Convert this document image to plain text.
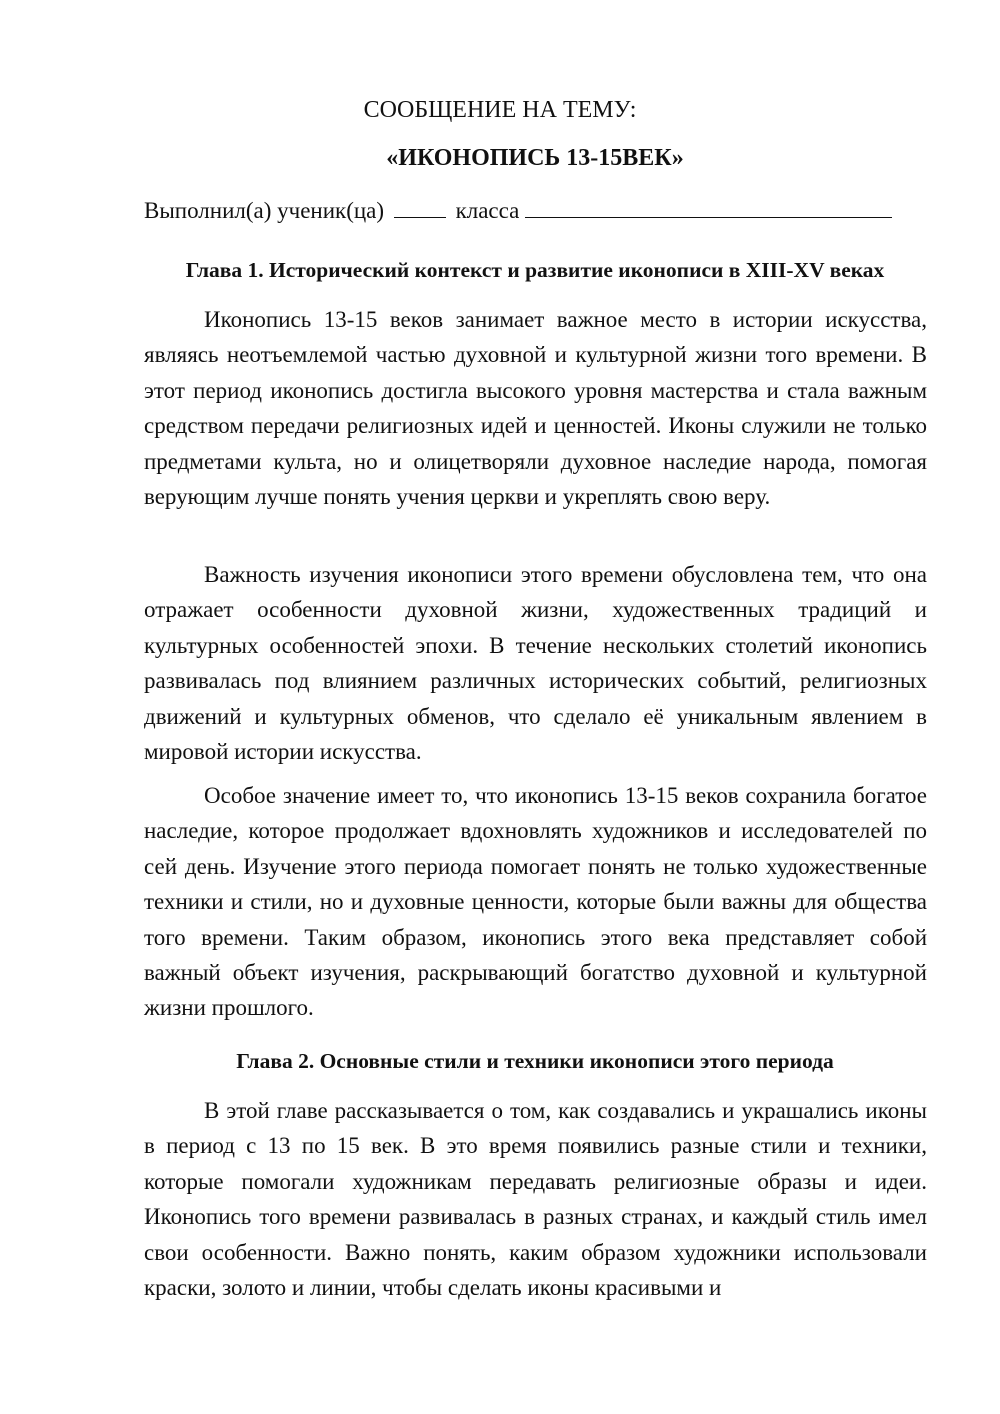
СООБЩЕНИЕ НА ТЕМУ:

«ИКОНОПИСЬ 13-15ВЕК»

Выполнил(а) ученик(ца)	класса
Глава 1. Исторический контекст и развитие иконописи в XIII-XV веках

Иконопись 13-15 веков занимает важное место в истории искусства, являясь неотъемлемой частью духовной и культурной жизни того времени. В этот период иконопись достигла высокого уровня мастерства и стала важным средством передачи религиозных идей и ценностей. Иконы служили не только предметами культа, но и олицетворяли духовное наследие народа, помогая верующим лучше понять учения церкви и укреплять свою веру.

Важность изучения иконописи этого времени обусловлена тем, что она отражает особенности духовной жизни, художественных традиций и культурных особенностей эпохи. В течение нескольких столетий иконопись развивалась под влиянием различных исторических событий, религиозных движений и культурных обменов, что сделало её уникальным явлением в мировой истории искусства.

Особое значение имеет то, что иконопись 13-15 веков сохранила богатое наследие, которое продолжает вдохновлять художников и исследователей по сей день. Изучение этого периода помогает понять не только художественные техники и стили, но и духовные ценности, которые были важны для общества того времени. Таким образом, иконопись этого века представляет собой важный объект изучения, раскрывающий богатство духовной и культурной жизни прошлого.

Глава 2. Основные стили и техники иконописи этого периода

В этой главе рассказывается о том, как создавались и украшались иконы в период с 13 по 15 век. В это время появились разные стили и техники, которые помогали художникам передавать религиозные образы и идеи. Иконопись того времени развивалась в разных странах, и каждый стиль имел свои особенности. Важно понять, каким образом художники использовали краски, золото и линии, чтобы сделать иконы красивыми и
